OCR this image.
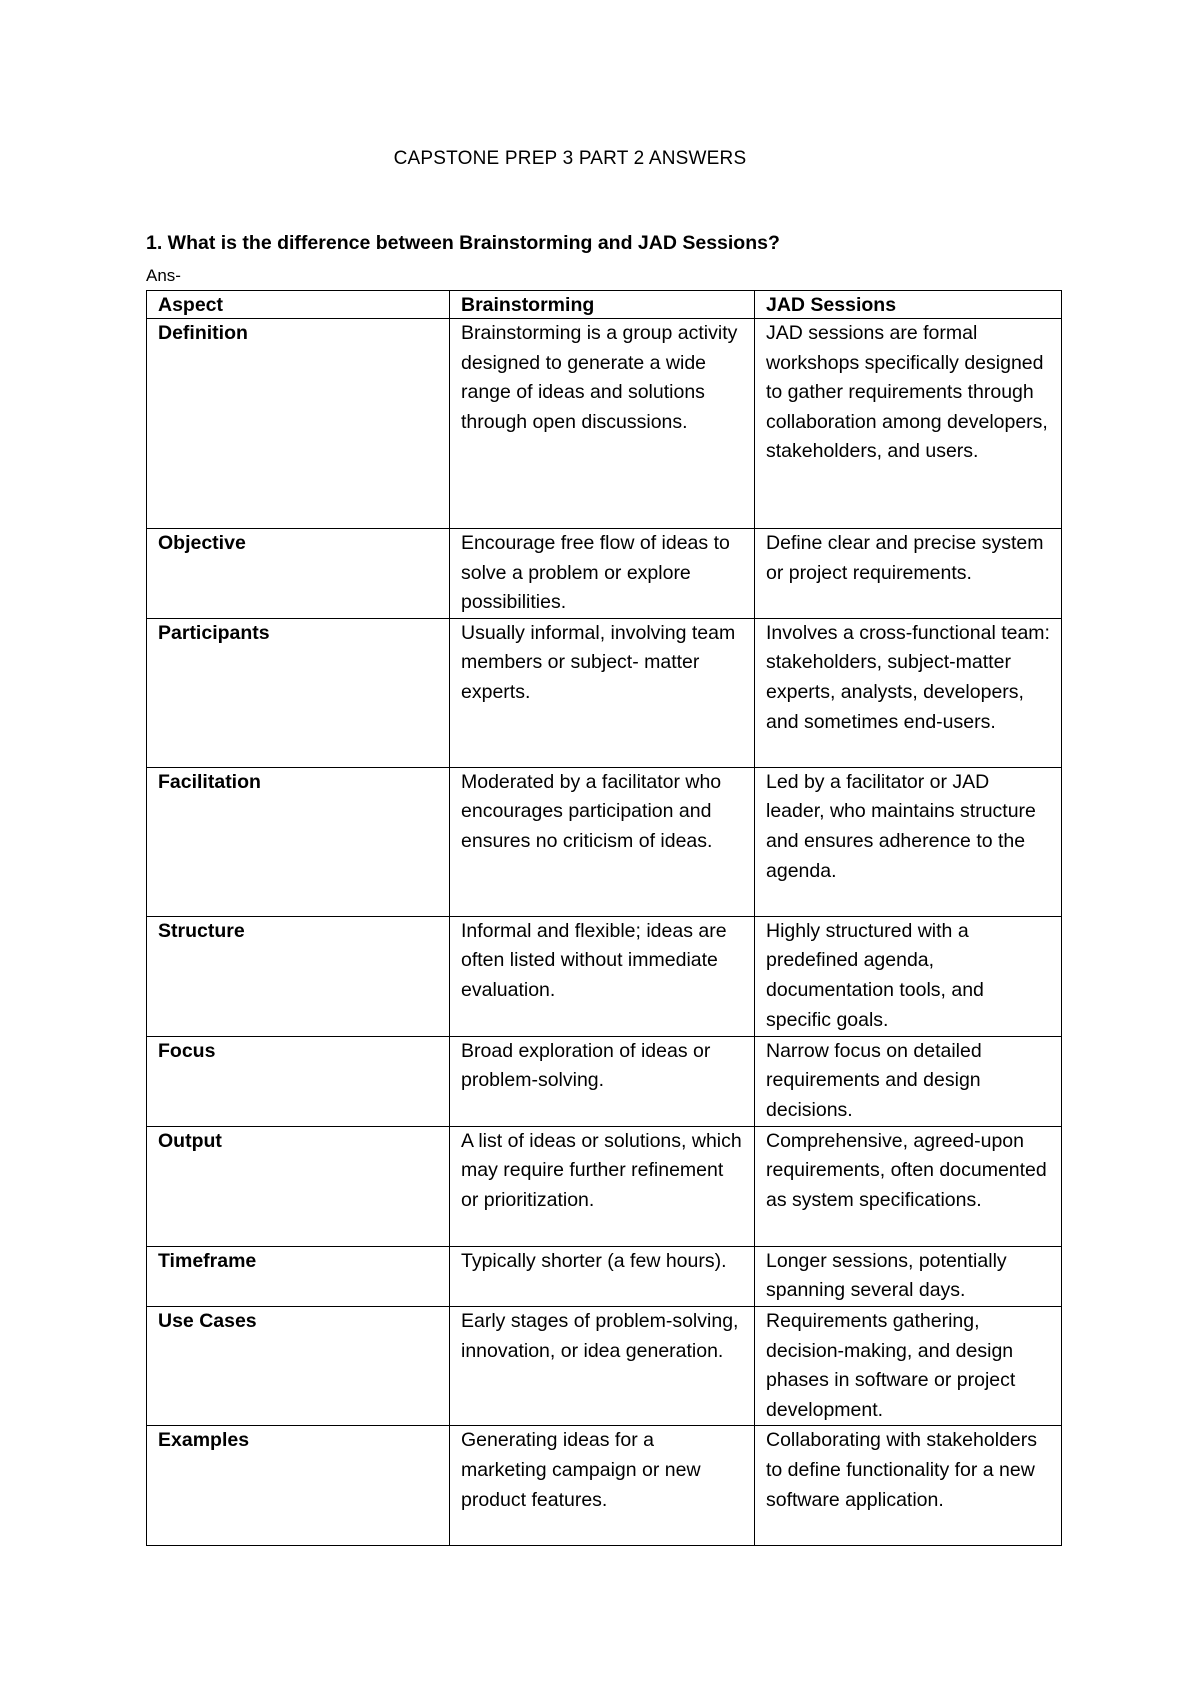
CAPSTONE PREP 3 PART 2 ANSWERS
1. What is the difference between Brainstorming and JAD Sessions?
Ans-
Aspect	Brainstorming	JAD Sessions
Definition	Brainstorming is a group activity designed to generate a wide range of ideas and solutions through open discussions.	JAD sessions are formal workshops specifically designed to gather requirements through collaboration among developers, stakeholders, and users.
Objective	Encourage free flow of ideas to solve a problem or explore possibilities.	Define clear and precise system or project requirements.
Participants	Usually informal, involving team members or subject- matter experts.	Involves a cross-functional team: stakeholders, subject-matter experts, analysts, developers, and sometimes end-users.
Facilitation	Moderated by a facilitator who encourages participation and ensures no criticism of ideas.	Led by a facilitator or JAD leader, who maintains structure and ensures adherence to the agenda.
Structure	Informal and flexible; ideas are often listed without immediate evaluation.	Highly structured with a predefined agenda, documentation tools, and specific goals.
Focus	Broad exploration of ideas or problem-solving.	Narrow focus on detailed requirements and design decisions.
Output	A list of ideas or solutions, which may require further refinement or prioritization.	Comprehensive, agreed-upon requirements, often documented as system specifications.
Timeframe	Typically shorter (a few hours).	Longer sessions, potentially spanning several days.
Use Cases	Early stages of problem-solving, innovation, or idea generation.	Requirements gathering, decision-making, and design phases in software or project development.
Examples	Generating ideas for a marketing campaign or new product features.	Collaborating with stakeholders to define functionality for a new software application.
